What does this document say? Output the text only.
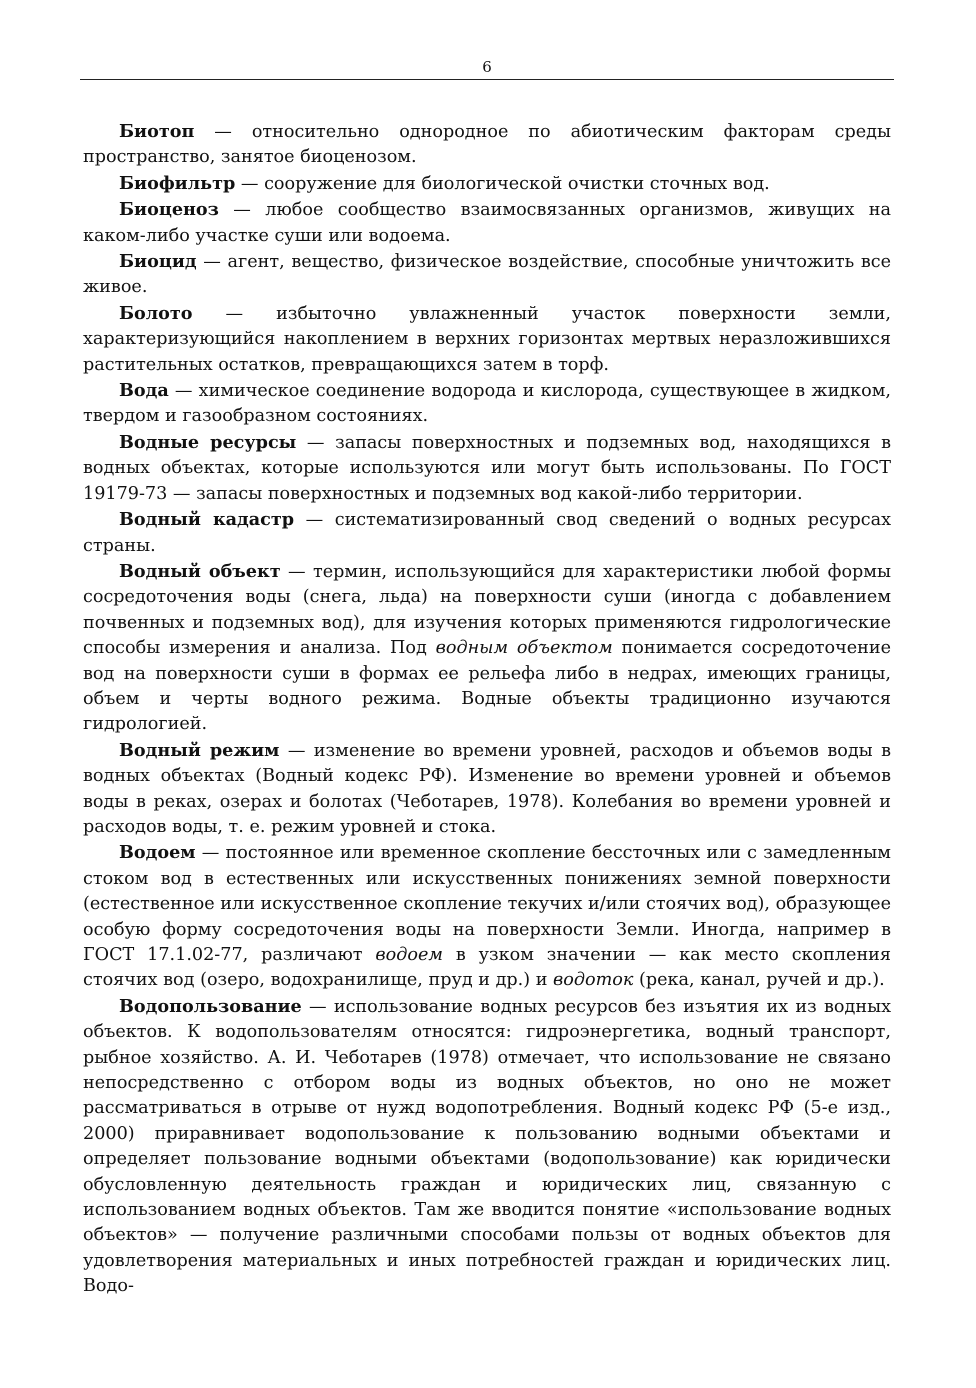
6

Биотоп — относительно однородное по абиотическим факторам среды пространство, занятое биоценозом.

Биофильтр — сооружение для биологической очистки сточных вод.

Биоценоз — любое сообщество взаимосвязанных организмов, живущих на каком-либо участке суши или водоема.

Биоцид — агент, вещество, физическое воздействие, способные уничтожить все живое.

Болото — избыточно увлажненный участок поверхности земли, характеризующийся накоплением в верхних горизонтах мертвых неразложившихся растительных остатков, превращающихся затем в торф.

Вода — химическое соединение водорода и кислорода, существующее в жидком, твердом и газообразном состояниях.

Водные ресурсы — запасы поверхностных и подземных вод, находящихся в водных объектах, которые используются или могут быть использованы. По ГОСТ 19179-73 — запасы поверхностных и подземных вод какой-либо территории.

Водный кадастр — систематизированный свод сведений о водных ресурсах страны.

Водный объект — термин, использующийся для характеристики любой формы сосредоточения воды (снега, льда) на поверхности суши (иногда с добавлением почвенных и подземных вод), для изучения которых применяются гидрологические способы измерения и анализа. Под водным объектом понимается сосредоточение вод на поверхности суши в формах ее рельефа либо в недрах, имеющих границы, объем и черты водного режима. Водные объекты традиционно изучаются гидрологией.

Водный режим — изменение во времени уровней, расходов и объемов воды в водных объектах (Водный кодекс РФ). Изменение во времени уровней и объемов воды в реках, озерах и болотах (Чеботарев, 1978). Колебания во времени уровней и расходов воды, т. е. режим уровней и стока.

Водоем — постоянное или временное скопление бессточных или с замедленным стоком вод в естественных или искусственных понижениях земной поверхности (естественное или искусственное скопление текучих и/или стоячих вод), образующее особую форму сосредоточения воды на поверхности Земли. Иногда, например в ГОСТ 17.1.02-77, различают водоем в узком значении — как место скопления стоячих вод (озеро, водохранилище, пруд и др.) и водоток (река, канал, ручей и др.).

Водопользование — использование водных ресурсов без изъятия их из водных объектов. К водопользователям относятся: гидроэнергетика, водный транспорт, рыбное хозяйство. А. И. Чеботарев (1978) отмечает, что использование не связано непосредственно с отбором воды из водных объектов, но оно не может рассматриваться в отрыве от нужд водопотребления. Водный кодекс РФ (5-е изд., 2000) приравнивает водопользование к пользованию водными объектами и определяет пользование водными объектами (водопользование) как юридически обусловленную деятельность граждан и юридических лиц, связанную с использованием водных объектов. Там же вводится понятие «использование водных объектов» — получение различными способами пользы от водных объектов для удовлетворения материальных и иных потребностей граждан и юридических лиц. Водо-
